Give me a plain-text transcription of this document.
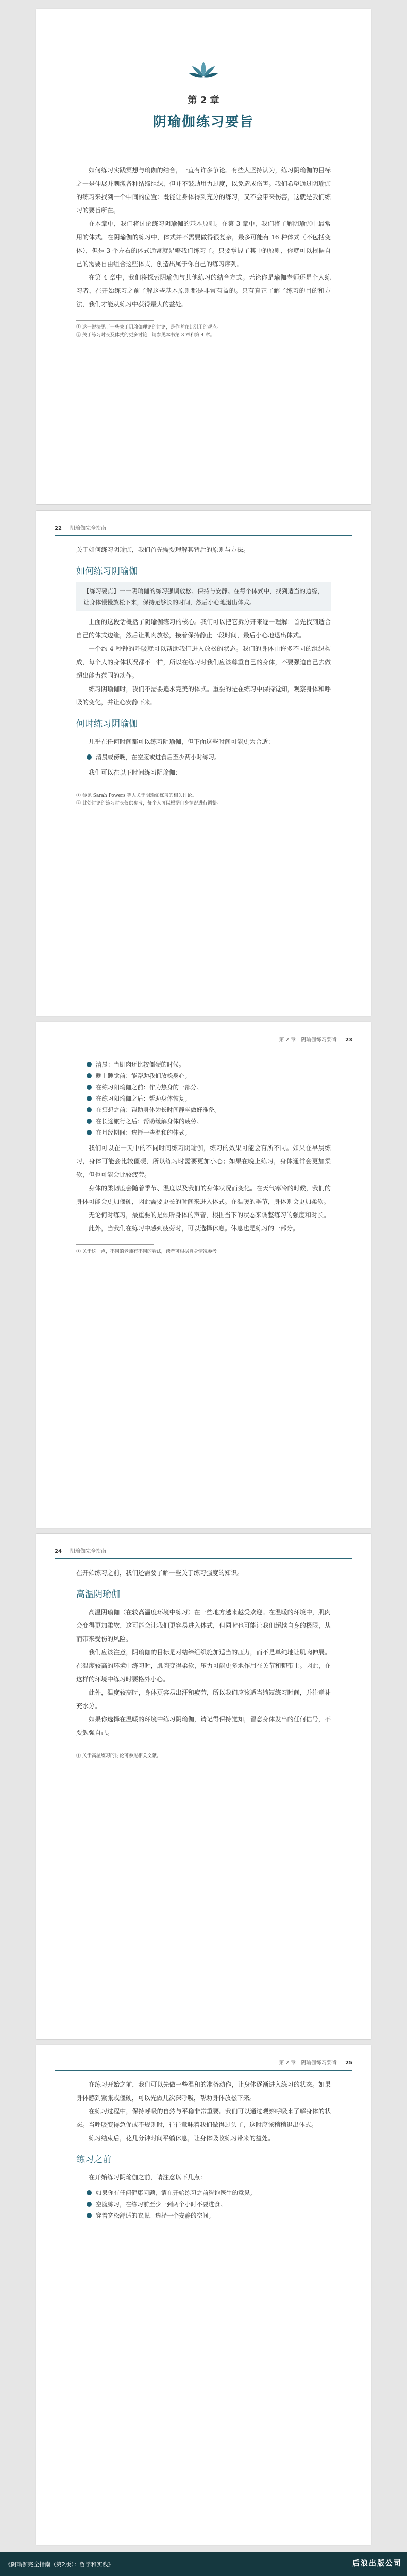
第 2 章
阴瑜伽练习要旨

如何练习实践冥想与瑜伽的结合，一直有许多争论。有些人坚持认为，练习阴瑜伽的目标之一是伸展并刺激各种结缔组织，但并不鼓励用力过度，以免造成伤害。我们希望通过阴瑜伽的练习来找到一个中间的位置：既能让身体得到充分的练习，又不会带来伤害，这就是我们练习的要旨所在。

在本章中，我们将讨论练习阴瑜伽的基本原则。在第 3 章中，我们将了解阴瑜伽中最常用的体式。在阴瑜伽的练习中，体式并不需要做得很复杂，最多可能有 16 种体式（不包括变体），但是 3 个左右的体式通常就足够我们练习了。只要掌握了其中的原则，你就可以根据自己的需要自由组合这些体式，创造出属于你自己的练习序列。

在第 4 章中，我们将探索阴瑜伽与其他练习的结合方式。无论你是瑜伽老师还是个人练习者，在开始练习之前了解这些基本原则都是非常有益的。只有真正了解了练习的目的和方法，我们才能从练习中获得最大的益处。

① 这一说法见于一些关于阴瑜伽理论的讨论，是作者在此引用的观点。
② 关于练习时长及体式的更多讨论，请参见本书第 3 章和第 4 章。
22 阴瑜伽完全指南

关于如何练习阴瑜伽，我们首先需要理解其背后的原则与方法。

如何练习阴瑜伽
【练习要点】一一阴瑜伽的练习强调放松、保持与安静。在每个体式中，找到适当的边缘，让身体慢慢放松下来，保持足够长的时间，然后小心地退出体式。

上面的这段话概括了阴瑜伽练习的核心。我们可以把它拆分开来逐一理解：首先找到适合自己的体式边缘，然后让肌肉放松，接着保持静止一段时间，最后小心地退出体式。

一个约 4 秒钟的呼吸就可以帮助我们进入放松的状态。我们的身体由许多不同的组织构成，每个人的身体状况都不一样，所以在练习时我们应该尊重自己的身体，不要强迫自己去做超出能力范围的动作。

练习阴瑜伽时，我们不需要追求完美的体式。重要的是在练习中保持觉知，观察身体和呼吸的变化，并让心安静下来。

何时练习阴瑜伽

几乎在任何时间都可以练习阴瑜伽，但下面这些时间可能更为合适：

清晨或傍晚，在空腹或进食后至少两小时练习。

我们可以在以下时间练习阴瑜伽：

① 参见 Sarah Powers 等人关于阴瑜伽练习的相关讨论。
② 此处讨论的练习时长仅供参考，每个人可以根据自身情况进行调整。
第 2 章　阴瑜伽练习要旨 23
清晨：当肌肉还比较僵硬的时候。
晚上睡觉前：能帮助我们放松身心。
在练习阳瑜伽之前：作为热身的一部分。
在练习阳瑜伽之后：帮助身体恢复。
在冥想之前：帮助身体为长时间静坐做好准备。
在长途旅行之后：帮助缓解身体的疲劳。
在月经期间：选择一些温和的体式。

我们可以在一天中的不同时间练习阴瑜伽，练习的效果可能会有所不同。如果在早晨练习，身体可能会比较僵硬，所以练习时需要更加小心；如果在晚上练习，身体通常会更加柔软，但也可能会比较疲劳。

身体的柔韧度会随着季节、温度以及我们的身体状况而变化。在天气寒冷的时候，我们的身体可能会更加僵硬，因此需要更长的时间来进入体式。在温暖的季节，身体则会更加柔软。

无论何时练习，最重要的是倾听身体的声音，根据当下的状态来调整练习的强度和时长。

此外，当我们在练习中感到疲劳时，可以选择休息。休息也是练习的一部分。

① 关于这一点，不同的老师有不同的看法，读者可根据自身情况参考。
24 阴瑜伽完全指南

在开始练习之前，我们还需要了解一些关于练习强度的知识。

高温阴瑜伽

高温阴瑜伽（在较高温度环境中练习）在一些地方越来越受欢迎。在温暖的环境中，肌肉会变得更加柔软，这可能会让我们更容易进入体式，但同时也可能让我们超越自身的极限，从而带来受伤的风险。

我们应该注意，阴瑜伽的目标是对结缔组织施加适当的压力，而不是单纯地让肌肉伸展。在温度较高的环境中练习时，肌肉变得柔软，压力可能更多地作用在关节和韧带上。因此，在这样的环境中练习时要格外小心。

此外，温度较高时，身体更容易出汗和疲劳，所以我们应该适当缩短练习时间，并注意补充水分。

如果你选择在温暖的环境中练习阴瑜伽，请记得保持觉知，留意身体发出的任何信号，不要勉强自己。

① 关于高温练习的讨论可参见相关文献。
第 2 章　阴瑜伽练习要旨 25

在练习开始之前，我们可以先做一些温和的准备动作，让身体逐渐进入练习的状态。如果身体感到紧张或僵硬，可以先做几次深呼吸，帮助身体放松下来。

在练习过程中，保持呼吸的自然与平稳非常重要。我们可以通过观察呼吸来了解身体的状态。当呼吸变得急促或不规则时，往往意味着我们做得过头了，这时应该稍稍退出体式。

练习结束后，花几分钟时间平躺休息，让身体吸收练习带来的益处。

练习之前

在开始练习阴瑜伽之前，请注意以下几点：

如果你有任何健康问题，请在开始练习之前咨询医生的意见。
空腹练习，在练习前至少一到两个小时不要进食。
穿着宽松舒适的衣服，选择一个安静的空间。
《阴瑜伽完全指南（第2版）：哲学和实践》	后浪出版公司
